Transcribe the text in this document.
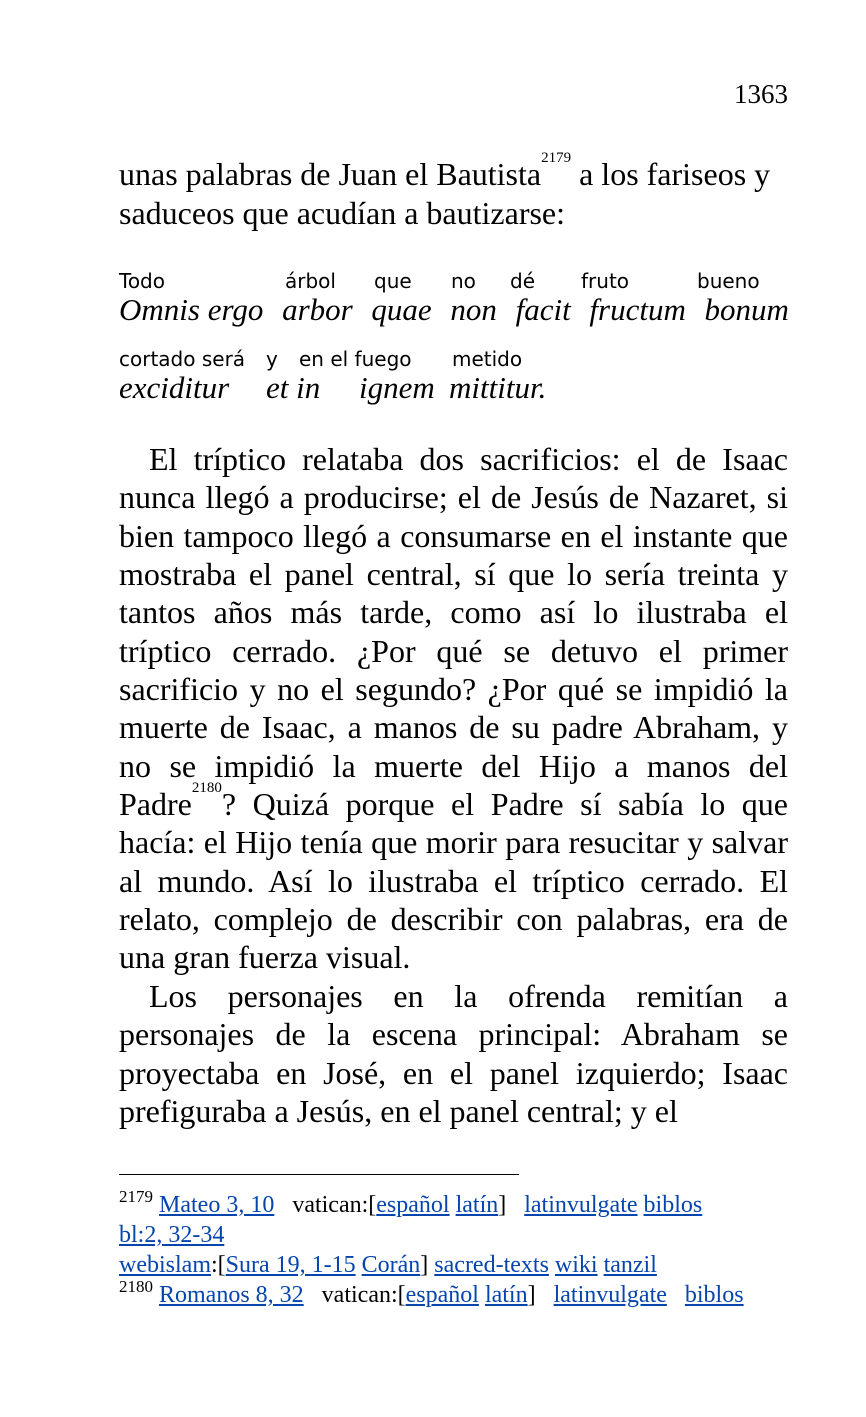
1363

unas palabras de Juan el Bautista$^{2179}$ a los fariseos y saduceos que acudían a bautizarse:

Todo	árbol que no dé fruto	bueno
Omnis ergo arbor quae non facit fructum bonum
cortado será y en el fuego metido
exciditur et in ignem mittitur.

El tríptico relataba dos sacrificios: el de Isaac nunca llegó a producirse; el de Jesús de Nazaret, si bien tampoco llegó a consumarse en el instante que mostraba el panel central, sí que lo sería treinta y tantos años más tarde, como así lo ilustraba el tríptico cerrado. ¿Por qué se detuvo el primer sacrificio y no el segundo? ¿Por qué se impidió la muerte de Isaac, a manos de su padre Abraham, y no se impidió la muerte del Hijo a manos del Padre$^{2180}$? Quizá porque el Padre sí sabía lo que hacía: el Hijo tenía que morir para resucitar y salvar al mundo. Así lo ilustraba el tríptico cerrado. El relato, complejo de describir con palabras, era de una gran fuerza visual.

Los personajes en la ofrenda remitían a personajes de la escena principal: Abraham se proyectaba en José, en el panel izquierdo; Isaac prefiguraba a Jesús, en el panel central; y el

$^{2179}$ Mateo 3, 10 vatican:[español latín] latinvulgate biblos
bl:2, 32-34
webislam:[Sura 19, 1-15 Corán] sacred-texts wiki tanzil
$^{2180}$ Romanos 8, 32 vatican:[español latín] latinvulgate biblos
